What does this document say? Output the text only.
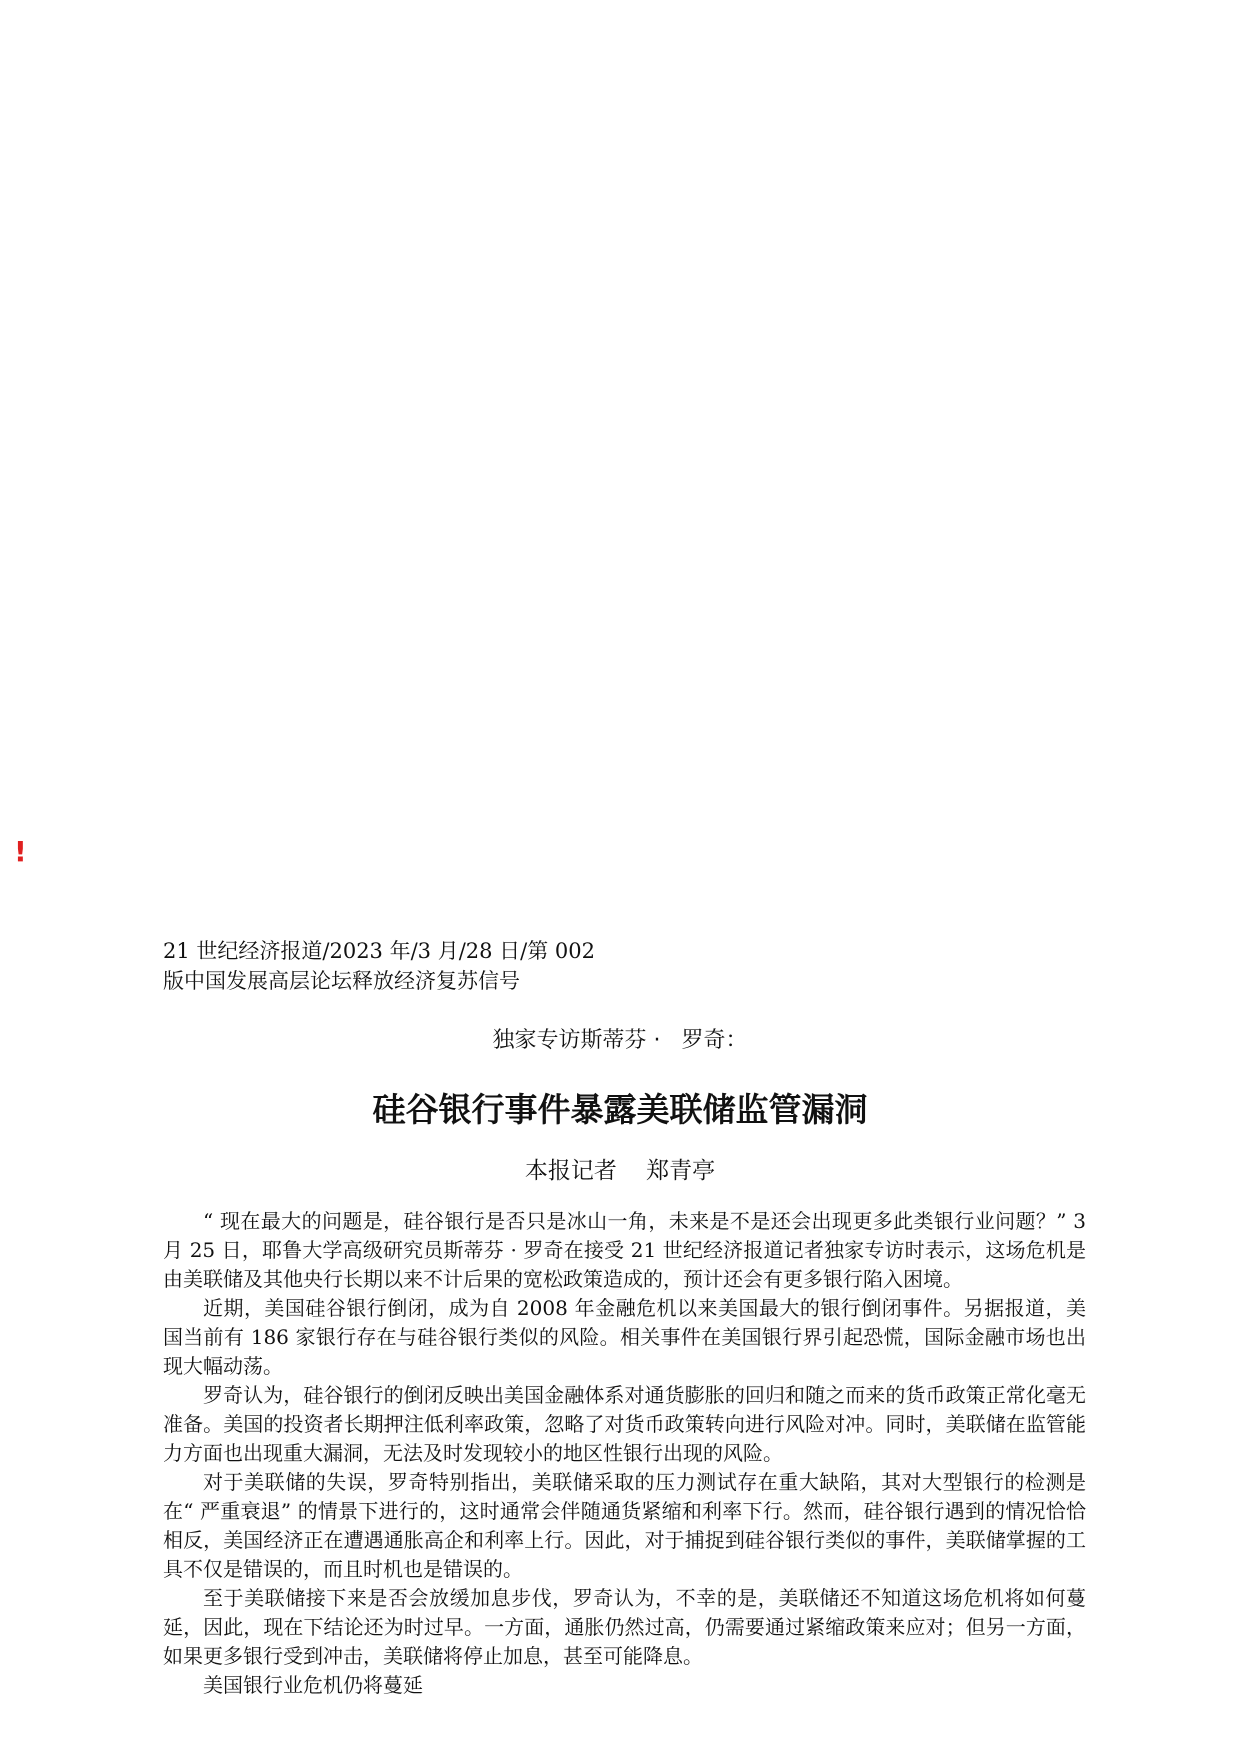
!
21 世纪经济报道/2023 年/3 月/28 日/第 002
版中国发展高层论坛释放经济复苏信号
独家专访斯蒂芬 ·   罗奇：
硅谷银行事件暴露美联储监管漏洞
本报记者    郑青亭

“ 现在最大的问题是，硅谷银行是否只是冰山一角，未来是不是还会出现更多此类银行业问题？” 3 月 25 日，耶鲁大学高级研究员斯蒂芬 · 罗奇在接受 21 世纪经济报道记者独家专访时表示，这场危机是由美联储及其他央行长期以来不计后果的宽松政策造成的，预计还会有更多银行陷入困境。

近期，美国硅谷银行倒闭，成为自 2008 年金融危机以来美国最大的银行倒闭事件。另据报道，美国当前有 186 家银行存在与硅谷银行类似的风险。相关事件在美国银行界引起恐慌，国际金融市场也出现大幅动荡。

罗奇认为，硅谷银行的倒闭反映出美国金融体系对通货膨胀的回归和随之而来的货币政策正常化毫无准备。美国的投资者长期押注低利率政策，忽略了对货币政策转向进行风险对冲。同时，美联储在监管能力方面也出现重大漏洞，无法及时发现较小的地区性银行出现的风险。

对于美联储的失误，罗奇特别指出，美联储采取的压力测试存在重大缺陷，其对大型银行的检测是在“ 严重衰退” 的情景下进行的，这时通常会伴随通货紧缩和利率下行。然而，硅谷银行遇到的情况恰恰相反，美国经济正在遭遇通胀高企和利率上行。因此，对于捕捉到硅谷银行类似的事件，美联储掌握的工具不仅是错误的，而且时机也是错误的。

至于美联储接下来是否会放缓加息步伐，罗奇认为，不幸的是，美联储还不知道这场危机将如何蔓延，因此，现在下结论还为时过早。一方面，通胀仍然过高，仍需要通过紧缩政策来应对；但另一方面，如果更多银行受到冲击，美联储将停止加息，甚至可能降息。

美国银行业危机仍将蔓延
